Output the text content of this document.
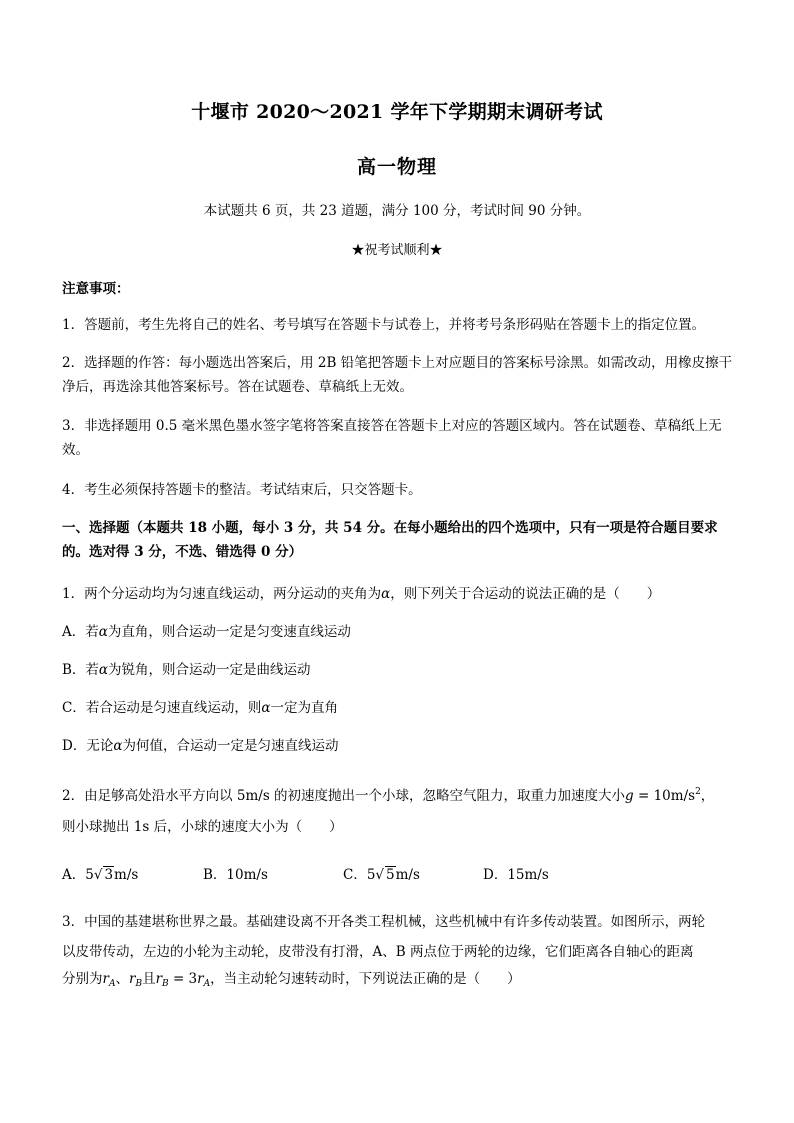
十堰市 2020～2021 学年下学期期末调研考试
高一物理
本试题共 6 页，共 23 道题，满分 100 分，考试时间 90 分钟。
★祝考试顺利★
注意事项：
1．答题前，考生先将自己的姓名、考号填写在答题卡与试卷上，并将考号条形码贴在答题卡上的指定位置。
2．选择题的作答：每小题选出答案后，用 2B 铅笔把答题卡上对应题目的答案标号涂黑。如需改动，用橡皮擦干净后，再选涂其他答案标号。答在试题卷、草稿纸上无效。
3．非选择题用 0.5 毫米黑色墨水签字笔将答案直接答在答题卡上对应的答题区域内。答在试题卷、草稿纸上无效。
4．考生必须保持答题卡的整洁。考试结束后，只交答题卡。
一、选择题（本题共 18 小题，每小 3 分，共 54 分。在每小题给出的四个选项中，只有一项是符合题目要求的。选对得 3 分，不选、错选得 0 分）
1．两个分运动均为匀速直线运动，两分运动的夹角为α，则下列关于合运动的说法正确的是（　　）
A．若α为直角，则合运动一定是匀变速直线运动
B．若α为锐角，则合运动一定是曲线运动
C．若合运动是匀速直线运动，则α一定为直角
D．无论α为何值，合运动一定是匀速直线运动
2．由足够高处沿水平方向以 5m/s 的初速度抛出一个小球，忽略空气阻力，取重力加速度大小$g = 10m/s^2$，
则小球抛出 1s 后，小球的速度大小为（　　）
A．5√ 3m/s	B．10m/s	C．5√ 5m/s	D．15m/s
3．中国的基建堪称世界之最。基础建设离不开各类工程机械，这些机械中有许多传动装置。如图所示，两轮
以皮带传动，左边的小轮为主动轮，皮带没有打滑，A、B 两点位于两轮的边缘，它们距离各自轴心的距离
分别为$r_A$、$r_B$且$r_B = 3r_A$，当主动轮匀速转动时，下列说法正确的是（　　）
